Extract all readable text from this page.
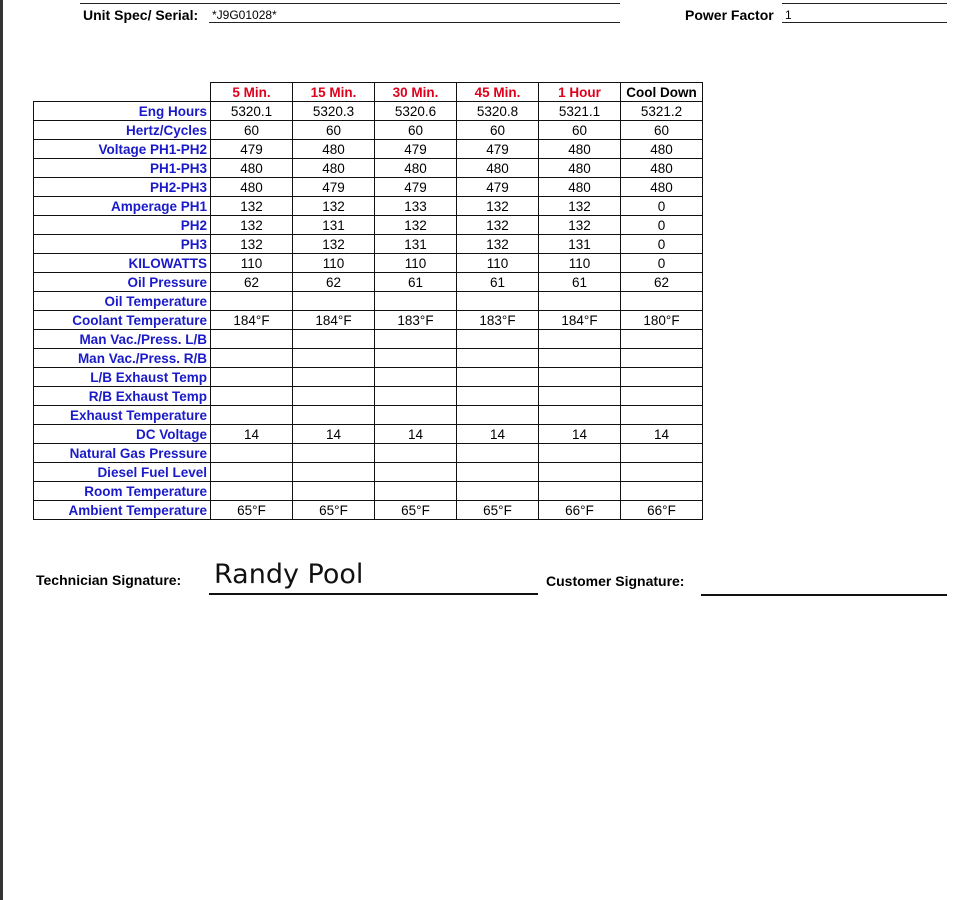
Unit Spec/ Serial: *J9G01028*	Power Factor 1
	5 Min.	15 Min.	30 Min.	45 Min.	1 Hour	Cool Down
Eng Hours	5320.1	5320.3	5320.6	5320.8	5321.1	5321.2
Hertz/Cycles	60	60	60	60	60	60
Voltage PH1-PH2	479	480	479	479	480	480
PH1-PH3	480	480	480	480	480	480
PH2-PH3	480	479	479	479	480	480
Amperage PH1	132	132	133	132	132	0
PH2	132	131	132	132	132	0
PH3	132	132	131	132	131	0
KILOWATTS	110	110	110	110	110	0
Oil Pressure	62	62	61	61	61	62
Oil Temperature						
Coolant Temperature	184°F	184°F	183°F	183°F	184°F	180°F
Man Vac./Press. L/B						
Man Vac./Press. R/B						
L/B Exhaust Temp						
R/B Exhaust Temp						
Exhaust Temperature						
DC Voltage	14	14	14	14	14	14
Natural Gas Pressure						
Diesel Fuel Level						
Room Temperature						
Ambient Temperature	65°F	65°F	65°F	65°F	66°F	66°F
Technician Signature: Randy Pool	Customer Signature:
